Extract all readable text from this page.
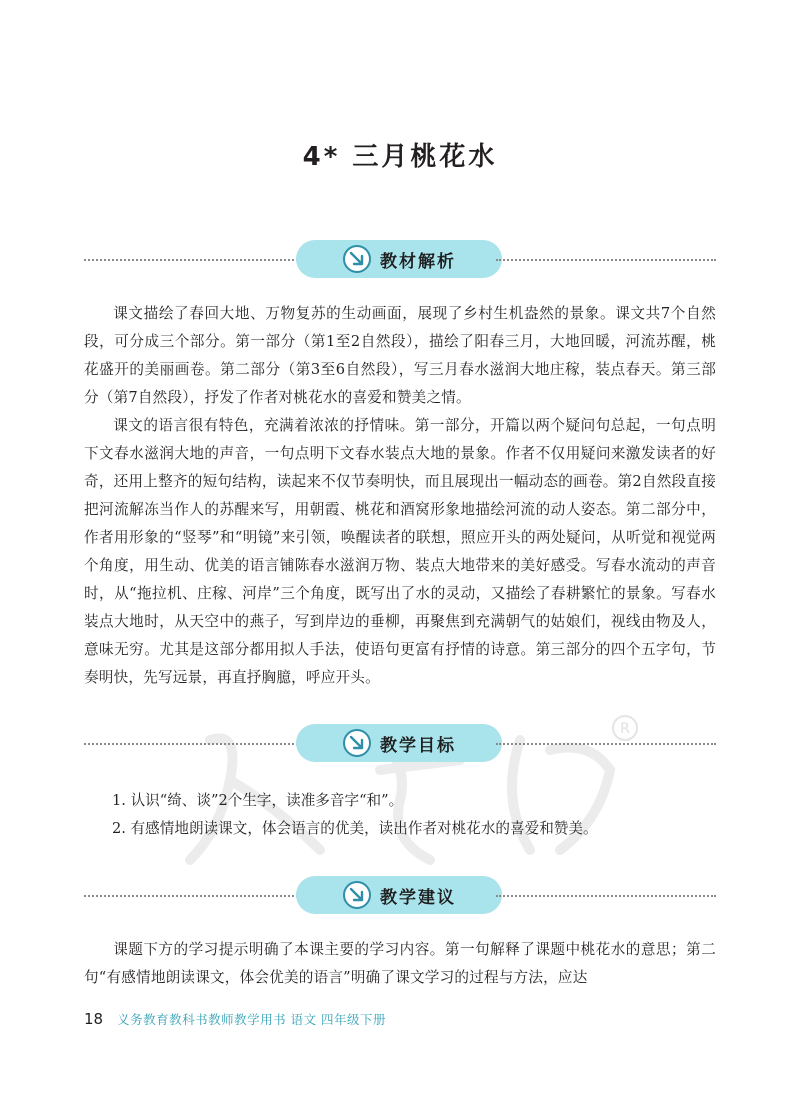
R
4* 三月桃花水
教材解析

课文描绘了春回大地、万物复苏的生动画面，展现了乡村生机盎然的景象。课文共7个自然段，可分成三个部分。第一部分（第1至2自然段），描绘了阳春三月，大地回暖，河流苏醒，桃花盛开的美丽画卷。第二部分（第3至6自然段），写三月春水滋润大地庄稼，装点春天。第三部分（第7自然段），抒发了作者对桃花水的喜爱和赞美之情。

课文的语言很有特色，充满着浓浓的抒情味。第一部分，开篇以两个疑问句总起，一句点明下文春水滋润大地的声音，一句点明下文春水装点大地的景象。作者不仅用疑问来激发读者的好奇，还用上整齐的短句结构，读起来不仅节奏明快，而且展现出一幅动态的画卷。第2自然段直接把河流解冻当作人的苏醒来写，用朝霞、桃花和酒窝形象地描绘河流的动人姿态。第二部分中，作者用形象的“竖琴”和“明镜”来引领，唤醒读者的联想，照应开头的两处疑问，从听觉和视觉两个角度，用生动、优美的语言铺陈春水滋润万物、装点大地带来的美好感受。写春水流动的声音时，从“拖拉机、庄稼、河岸”三个角度，既写出了水的灵动，又描绘了春耕繁忙的景象。写春水装点大地时，从天空中的燕子，写到岸边的垂柳，再聚焦到充满朝气的姑娘们，视线由物及人，意味无穷。尤其是这部分都用拟人手法，使语句更富有抒情的诗意。第三部分的四个五字句，节奏明快，先写远景，再直抒胸臆，呼应开头。

教学目标
1. 认识“绮、谈”2个生字，读准多音字“和”。
2. 有感情地朗读课文，体会语言的优美，读出作者对桃花水的喜爱和赞美。
教学建议

课题下方的学习提示明确了本课主要的学习内容。第一句解释了课题中桃花水的意思；第二句“有感情地朗读课文，体会优美的语言”明确了课文学习的过程与方法，应达

18 义务教育教科书教师教学用书 语文 四年级下册
